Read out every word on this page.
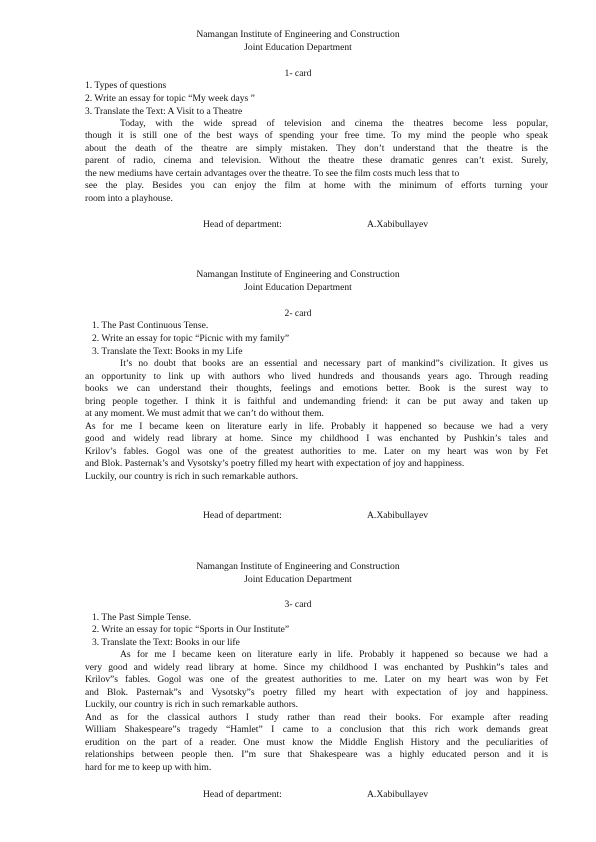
Namangan Institute of Engineering and Construction
Joint Education Department
1- card
1. Types of questions
2. Write an essay for topic “My week days ”
3. Translate the Text: A Visit to a Theatre
Today, with the wide spread of television and cinema the theatres become less popular,
though it is still one of the best ways of spending your free time. To my mind the people who speak
about the death of the theatre are simply mistaken. They don’t understand that the theatre is the
parent of radio, cinema and television. Without the theatre these dramatic genres can’t exist. Surely,
the new mediums have certain advantages over the theatre. To see the film costs much less that to
see the play. Besides you can enjoy the film at home with the minimum of efforts turning your
room into a playhouse.
Head of department:	A.Xabibullayev
Namangan Institute of Engineering and Construction
Joint Education Department
2- card
1. The Past Continuous Tense.
2. Write an essay for topic “Picnic with my family”
3. Translate the Text: Books in my Life
It’s no doubt that books are an essential and necessary part of mankind”s civilization. It gives us
an opportunity to link up with authors who lived hundreds and thousands years ago. Through reading
books we can understand their thoughts, feelings and emotions better. Book is the surest way to
bring people together. I think it is faithful and undemanding friend: it can be put away and taken up
at any moment. We must admit that we can’t do without them.
As for me I became keen on literature early in life. Probably it happened so because we had a very
good and widely read library at home. Since my childhood I was enchanted by Pushkin’s tales and
Krilov’s fables. Gogol was one of the greatest authorities to me. Later on my heart was won by Fet
and Blok. Pasternak’s and Vysotsky’s poetry filled my heart with expectation of joy and happiness.
Luckily, our country is rich in such remarkable authors.
Head of department:	A.Xabibullayev
Namangan Institute of Engineering and Construction
Joint Education Department
3- card
1. The Past Simple Tense.
2. Write an essay for topic “Sports in Our Institute”
3. Translate the Text: Books in our life
As for me I became keen on literature early in life. Probably it happened so because we had a
very good and widely read library at home. Since my childhood I was enchanted by Pushkin”s tales and
Krilov”s fables. Gogol was one of the greatest authorities to me. Later on my heart was won by Fet
and Blok. Pasternak”s and Vysotsky”s poetry filled my heart with expectation of joy and happiness.
Luckily, our country is rich in such remarkable authors.
And as for the classical authors I study rather than read their books. For example after reading
William Shakespeare”s tragedy “Hamlet” I came to a conclusion that this rich work demands great
erudition on the part of a reader. One must know the Middle English History and the peculiarities of
relationships between people then. I”m sure that Shakespeare was a highly educated person and it is
hard for me to keep up with him.
Head of department:	A.Xabibullayev
